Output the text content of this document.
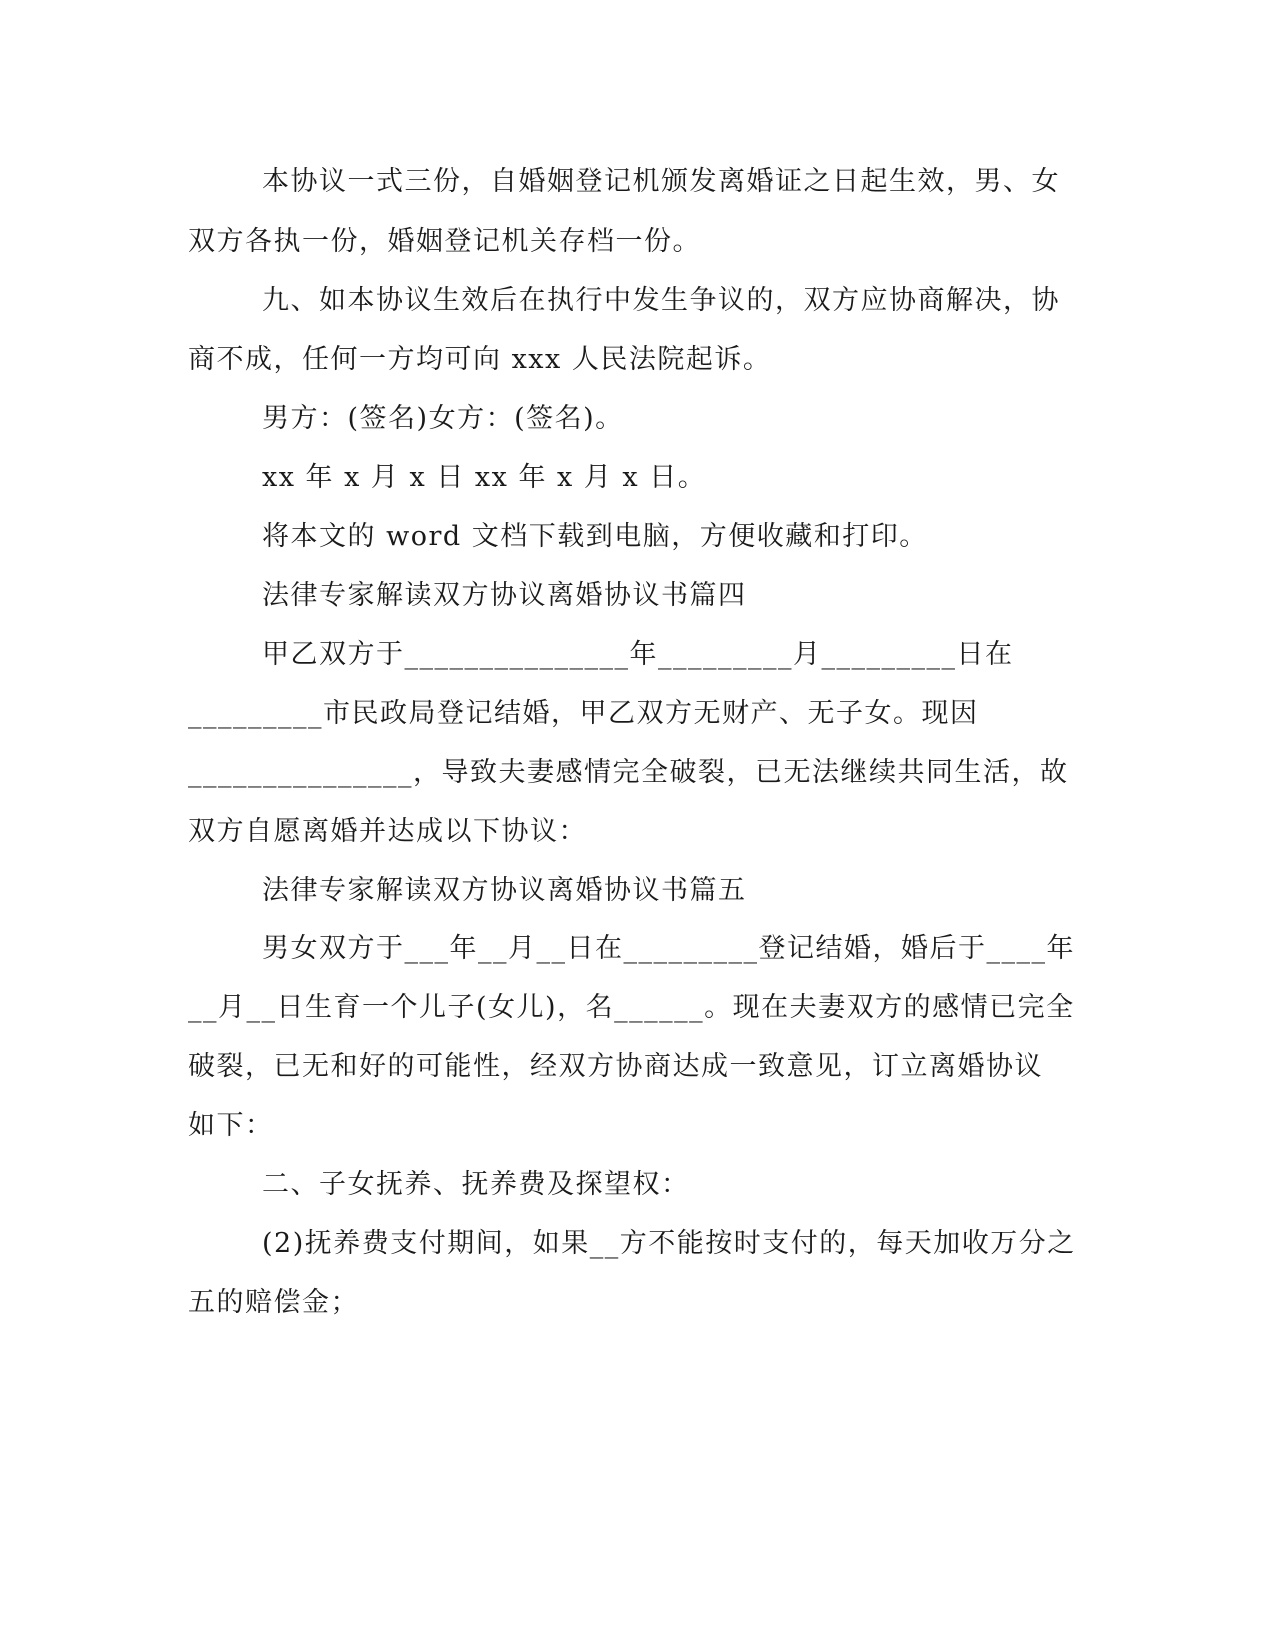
本协议一式三份，自婚姻登记机颁发离婚证之日起生效，男、女
双方各执一份，婚姻登记机关存档一份。
九、如本协议生效后在执行中发生争议的，双方应协商解决，协
商不成，任何一方均可向 xxx 人民法院起诉。
男方：(签名)女方：(签名)。
xx 年 x 月 x 日 xx 年 x 月 x 日。
将本文的 word 文档下载到电脑，方便收藏和打印。
法律专家解读双方协议离婚协议书篇四
甲乙双方于_______________年_________月_________日在
_________市民政局登记结婚，甲乙双方无财产、无子女。现因
_______________，导致夫妻感情完全破裂，已无法继续共同生活，故
双方自愿离婚并达成以下协议：
法律专家解读双方协议离婚协议书篇五
男女双方于___年__月__日在_________登记结婚，婚后于____年
__月__日生育一个儿子(女儿)，名______。现在夫妻双方的感情已完全
破裂，已无和好的可能性，经双方协商达成一致意见，订立离婚协议
如下：
二、子女抚养、抚养费及探望权：
(2)抚养费支付期间，如果__方不能按时支付的，每天加收万分之
五的赔偿金；
